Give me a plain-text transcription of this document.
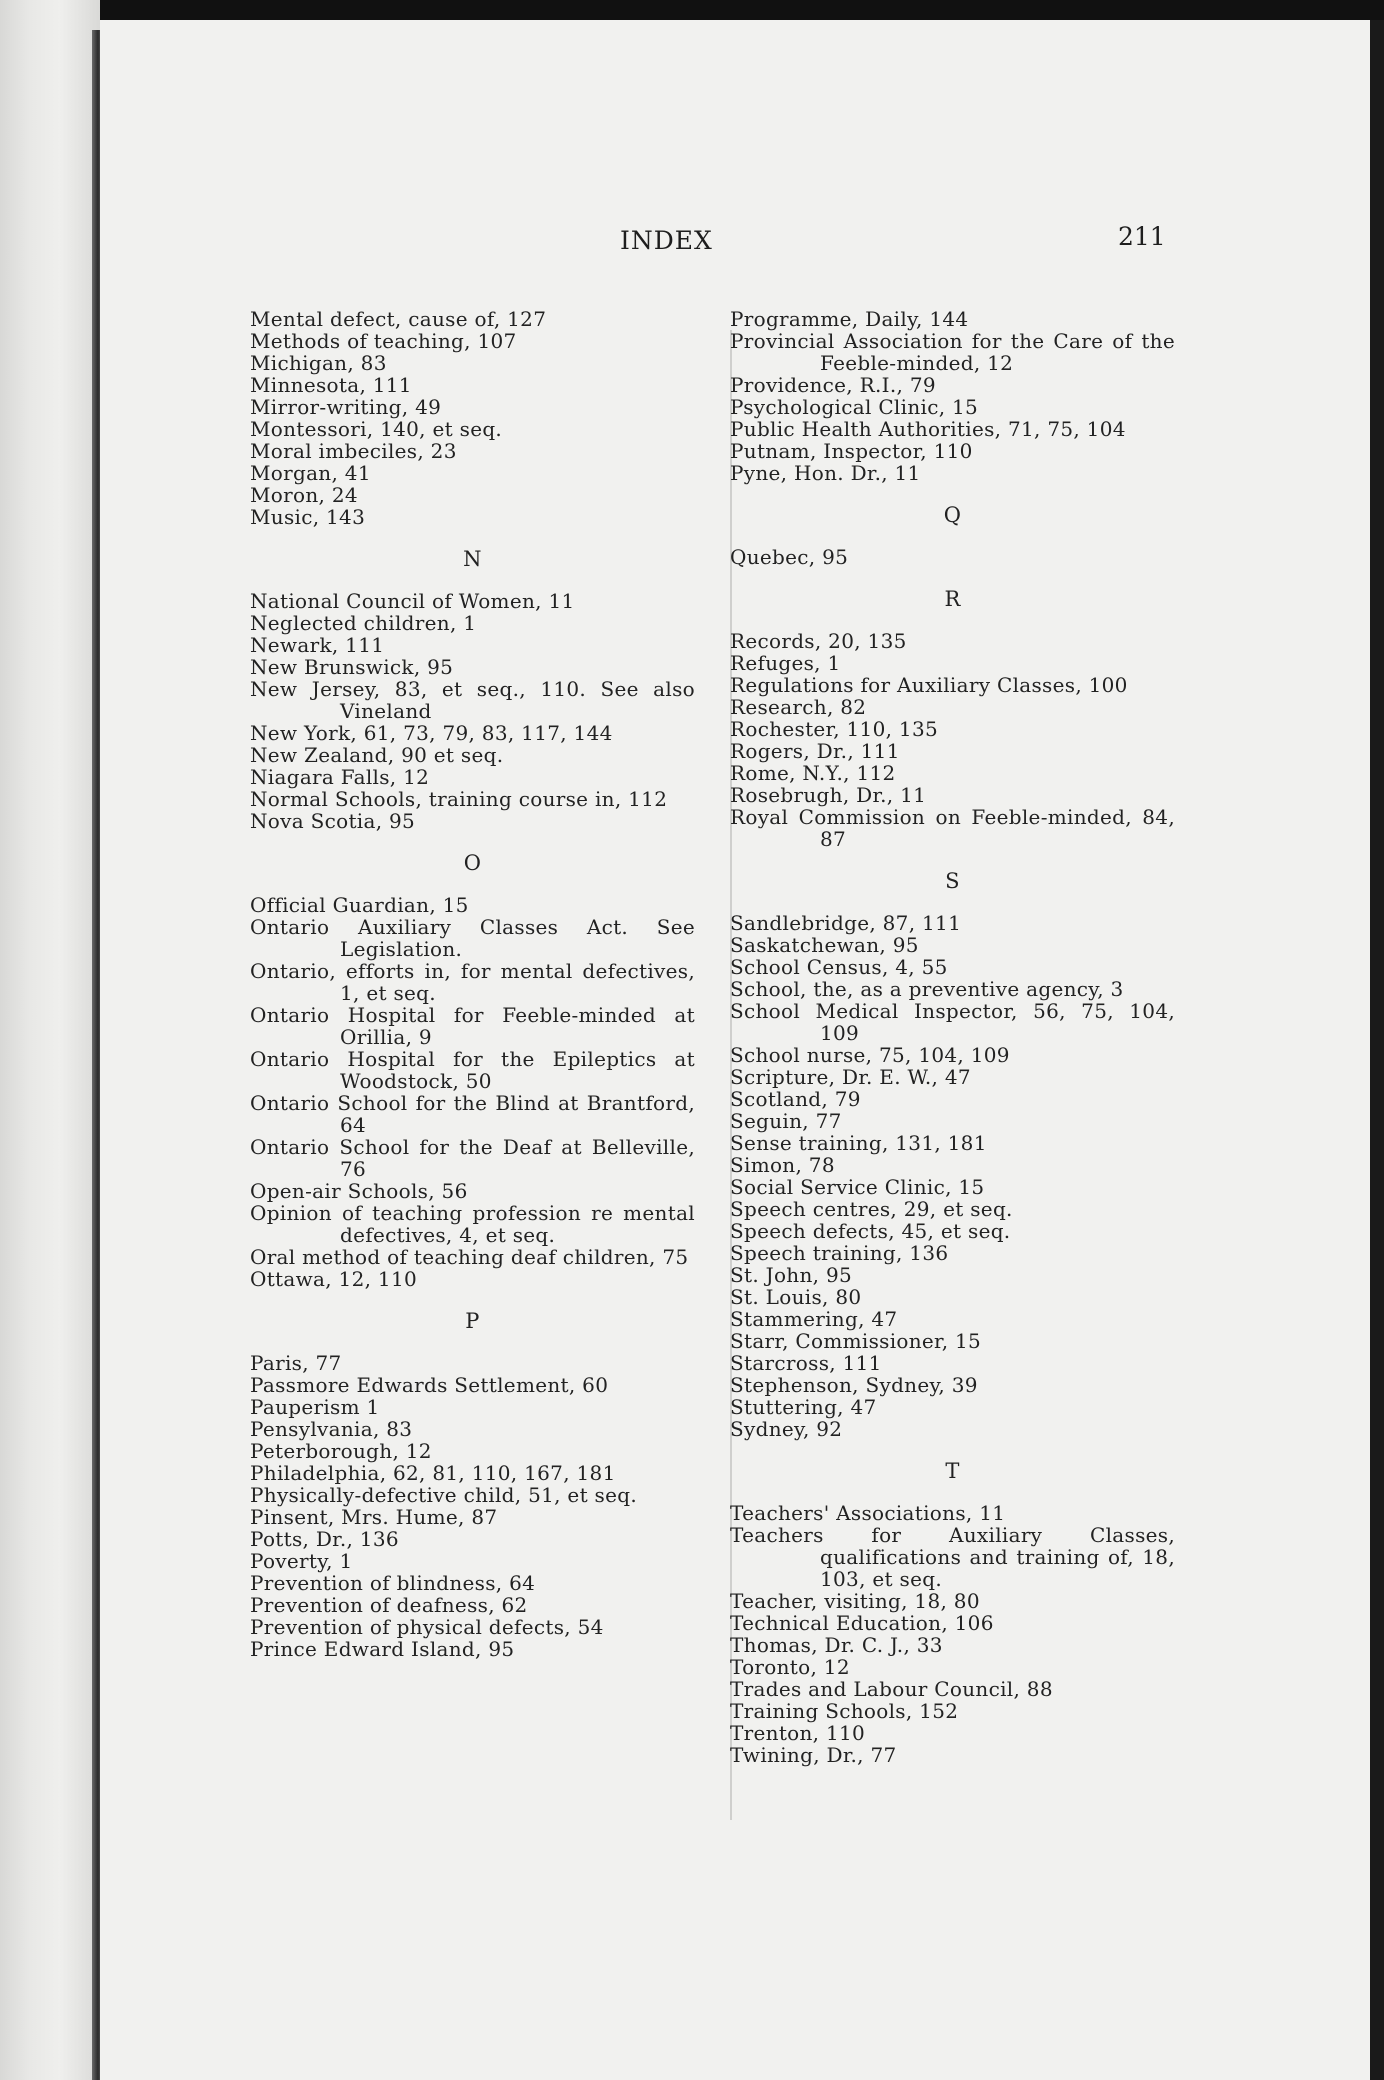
INDEX	211

Mental defect, cause of, 127

Methods of teaching, 107

Michigan, 83

Minnesota, 111

Mirror-writing, 49

Montessori, 140, et seq.

Moral imbeciles, 23

Morgan, 41

Moron, 24

Music, 143

N

National Council of Women, 11

Neglected children, 1

Newark, 111

New Brunswick, 95

New Jersey, 83, et seq., 110. See also Vineland

New York, 61, 73, 79, 83, 117, 144

New Zealand, 90 et seq.

Niagara Falls, 12

Normal Schools, training course in, 112

Nova Scotia, 95

O

Official Guardian, 15

Ontario Auxiliary Classes Act. See Legislation.

Ontario, efforts in, for mental defectives, 1, et seq.

Ontario Hospital for Feeble-minded at Orillia, 9

Ontario Hospital for the Epileptics at Woodstock, 50

Ontario School for the Blind at Brantford, 64

Ontario School for the Deaf at Belleville, 76

Open-air Schools, 56

Opinion of teaching profession re mental defectives, 4, et seq.

Oral method of teaching deaf children, 75

Ottawa, 12, 110

P

Paris, 77

Passmore Edwards Settlement, 60

Pauperism 1

Pensylvania, 83

Peterborough, 12

Philadelphia, 62, 81, 110, 167, 181

Physically-defective child, 51, et seq.

Pinsent, Mrs. Hume, 87

Potts, Dr., 136

Poverty, 1

Prevention of blindness, 64

Prevention of deafness, 62

Prevention of physical defects, 54

Prince Edward Island, 95

Programme, Daily, 144

Provincial Association for the Care of the Feeble-minded, 12

Providence, R.I., 79

Psychological Clinic, 15

Public Health Authorities, 71, 75, 104

Putnam, Inspector, 110

Pyne, Hon. Dr., 11

Q

Quebec, 95

R

Records, 20, 135

Refuges, 1

Regulations for Auxiliary Classes, 100

Research, 82

Rochester, 110, 135

Rogers, Dr., 111

Rome, N.Y., 112

Rosebrugh, Dr., 11

Royal Commission on Feeble-minded, 84, 87

S

Sandlebridge, 87, 111

Saskatchewan, 95

School Census, 4, 55

School, the, as a preventive agency, 3

School Medical Inspector, 56, 75, 104, 109

School nurse, 75, 104, 109

Scripture, Dr. E. W., 47

Scotland, 79

Seguin, 77

Sense training, 131, 181

Simon, 78

Social Service Clinic, 15

Speech centres, 29, et seq.

Speech defects, 45, et seq.

Speech training, 136

St. John, 95

St. Louis, 80

Stammering, 47

Starr, Commissioner, 15

Starcross, 111

Stephenson, Sydney, 39

Stuttering, 47

Sydney, 92

T

Teachers' Associations, 11

Teachers for Auxiliary Classes, qualifications and training of, 18, 103, et seq.

Teacher, visiting, 18, 80

Technical Education, 106

Thomas, Dr. C. J., 33

Toronto, 12

Trades and Labour Council, 88

Training Schools, 152

Trenton, 110

Twining, Dr., 77
